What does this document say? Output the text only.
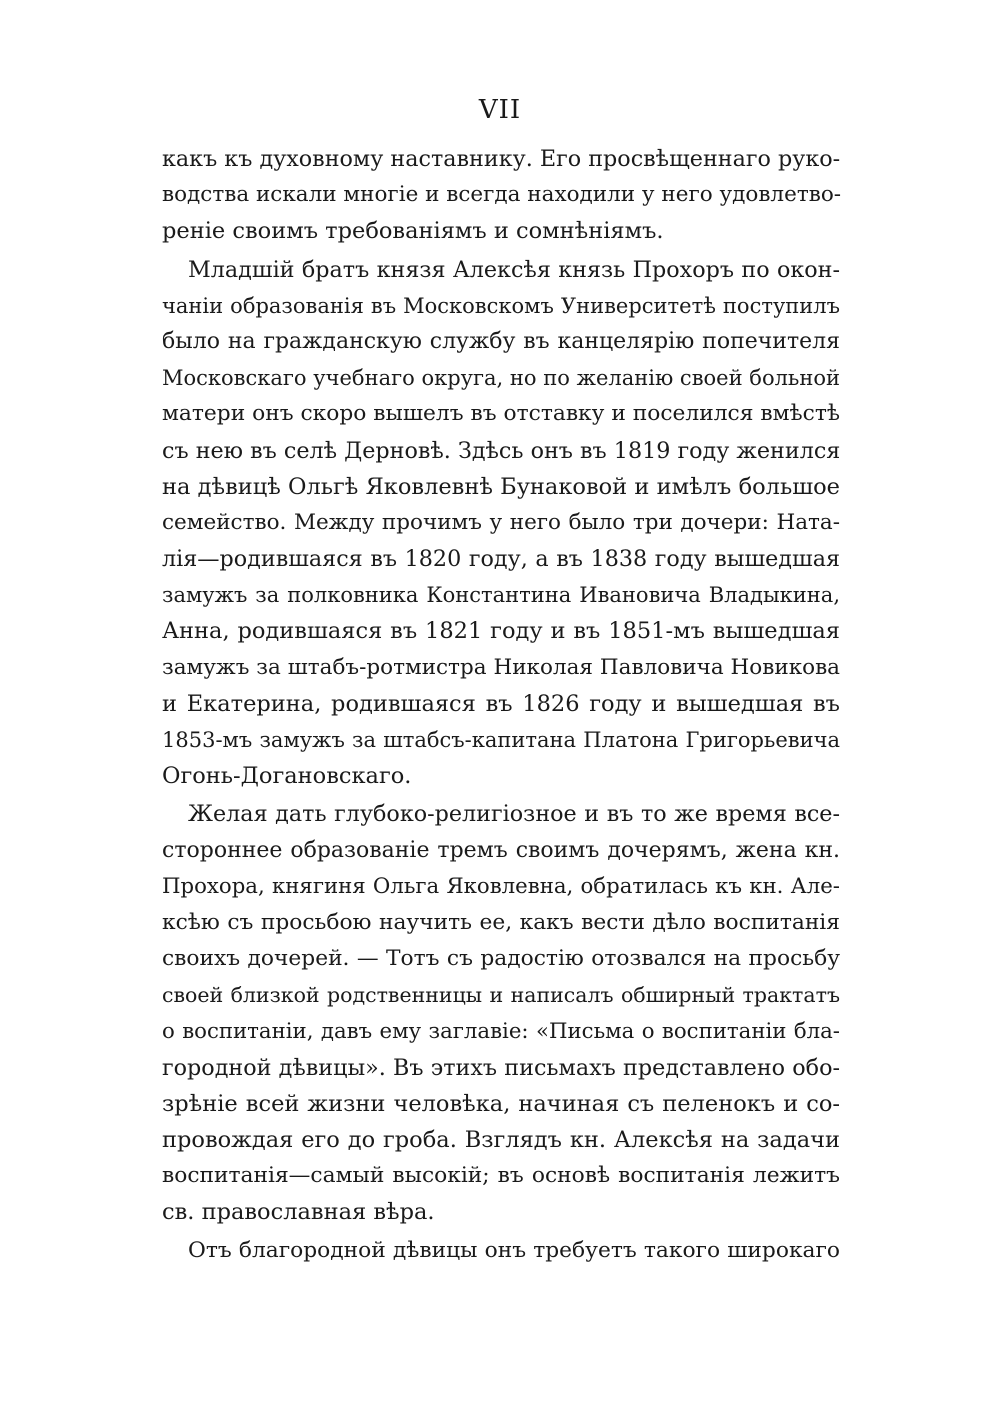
VII
какъ къ духовному наставнику. Его просвѣщеннаго руко-
водства искали многіе и всегда находили у него удовлетво-
реніе своимъ требованіямъ и сомнѣніямъ.
Младшій братъ князя Алексѣя князь Прохоръ по окон-
чаніи образованія въ Московскомъ Университетѣ поступилъ
было на гражданскую службу въ канцелярію попечителя
Московскаго учебнаго округа, но по желанію своей больной
матери онъ скоро вышелъ въ отставку и поселился вмѣстѣ
съ нею въ селѣ Дерновѣ. Здѣсь онъ въ 1819 году женился
на дѣвицѣ Ольгѣ Яковлевнѣ Бунаковой и имѣлъ большое
семейство. Между прочимъ у него было три дочери: Ната-
лія—родившаяся въ 1820 году, а въ 1838 году вышедшая
замужъ за полковника Константина Ивановича Владыкина,
Анна, родившаяся въ 1821 году и въ 1851-мъ вышедшая
замужъ за штабъ-ротмистра Николая Павловича Новикова
и Екатерина, родившаяся въ 1826 году и вышедшая въ
1853-мъ замужъ за штабсъ-капитана Платона Григорьевича
Огонь-Догановскаго.
Желая дать глубоко-религіозное и въ то же время все-
стороннее образованіе тремъ своимъ дочерямъ, жена кн.
Прохора, княгиня Ольга Яковлевна, обратилась къ кн. Але-
ксѣю съ просьбою научить ее, какъ вести дѣло воспитанія
своихъ дочерей. — Тотъ съ радостію отозвался на просьбу
своей близкой родственницы и написалъ обширный трактатъ
о воспитаніи, давъ ему заглавіе: «Письма о воспитаніи бла-
городной дѣвицы». Въ этихъ письмахъ представлено обо-
зрѣніе всей жизни человѣка, начиная съ пеленокъ и со-
провождая его до гроба. Взглядъ кн. Алексѣя на задачи
воспитанія—самый высокій; въ основѣ воспитанія лежитъ
св. православная вѣра.
Отъ благородной дѣвицы онъ требуетъ такого широкаго
